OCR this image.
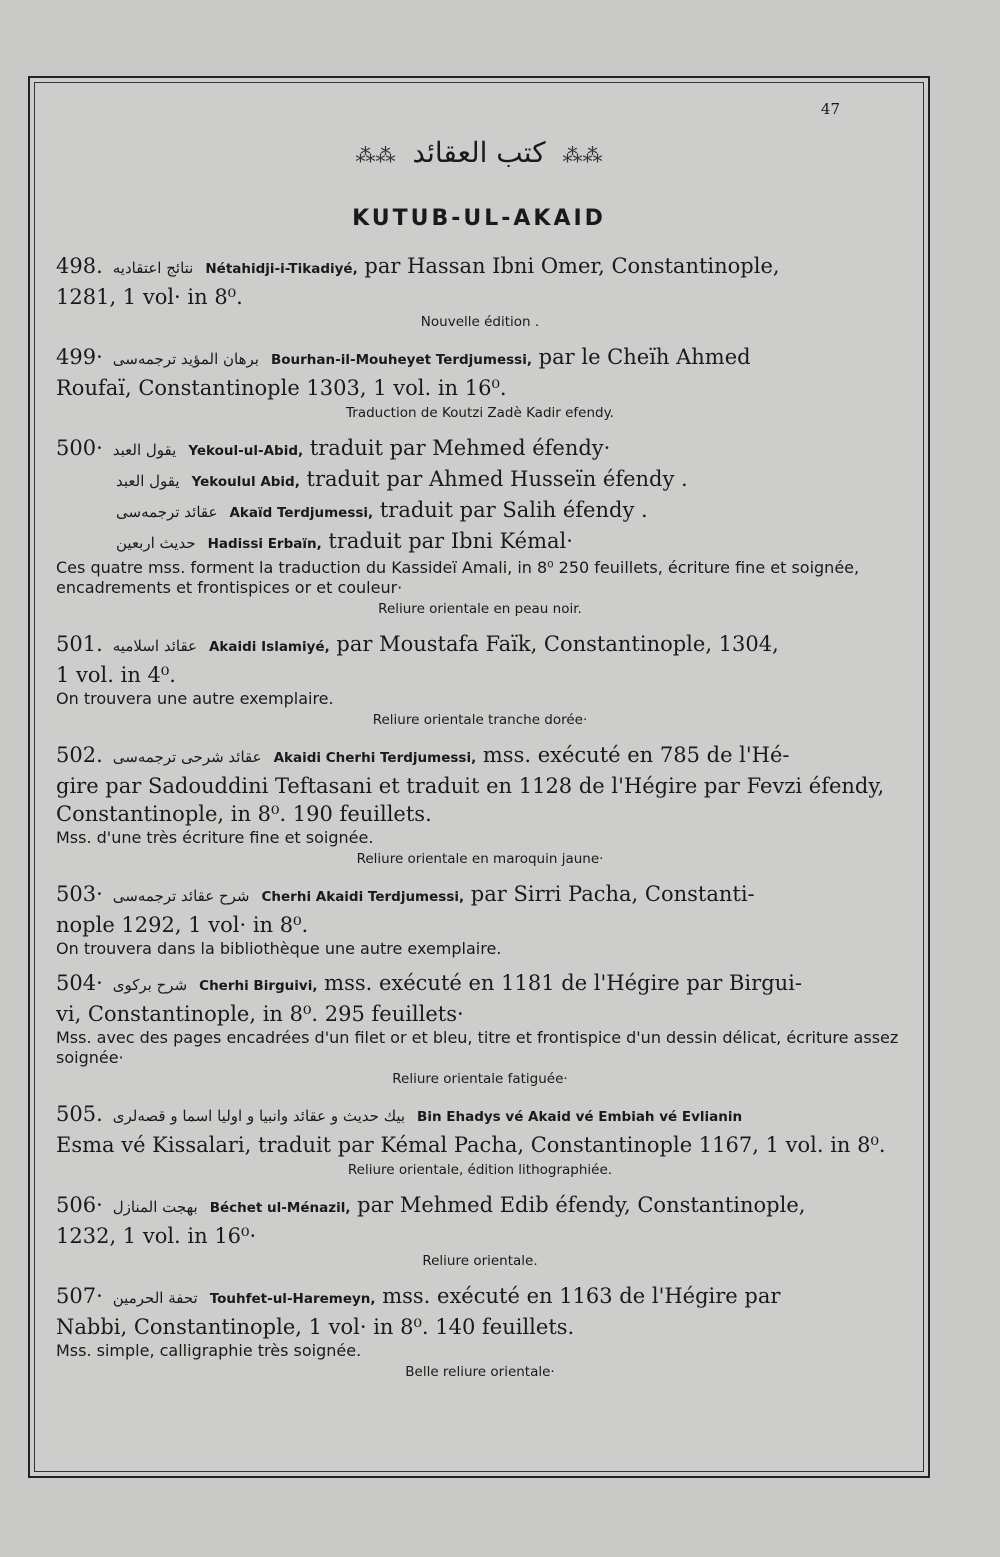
47
⁂⁂ كتب العقائد ⁂⁂
KUTUB-UL-AKAID
498. نتائج اعتقادیه Nétahidji-i-Tikadiyé, par Hassan Ibni Omer, Constantinople,
1281, 1 vol· in 8⁰.
Nouvelle édition .
499· برهان المؤید ترجمه‌سی Bourhan-il-Mouheyet Terdjumessi, par le Cheïh Ahmed
Roufaï, Constantinople 1303, 1 vol. in 16⁰.
Traduction de Koutzi Zadè Kadir efendy.
500· یقول العبد Yekoul-ul-Abid, traduit par Mehmed éfendy·
یقول العبد Yekoulul Abid, traduit par Ahmed Husseïn éfendy .
عقائد ترجمه‌سی Akaïd Terdjumessi, traduit par Salih éfendy .
حدیث اربعین Hadissi Erbaïn, traduit par Ibni Kémal·
Ces quatre mss. forment la traduction du Kassideï Amali, in 8⁰ 250 feuillets, écriture fine et soignée, encadrements et frontispices or et couleur·
Reliure orientale en peau noir.
501. عقائد اسلامیه Akaidi Islamiyé, par Moustafa Faïk, Constantinople, 1304,
1 vol. in 4⁰.
On trouvera une autre exemplaire.
Reliure orientale tranche dorée·
502. عقائد شرحی ترجمه‌سی Akaidi Cherhi Terdjumessi, mss. exécuté en 785 de l'Hé-
gire par Sadouddini Teftasani et traduit en 1128 de l'Hégire par Fevzi éfendy, Constantinople, in 8⁰. 190 feuillets.
Mss. d'une très écriture fine et soignée.
Reliure orientale en maroquin jaune·
503· شرح عقائد ترجمه‌سی Cherhi Akaidi Terdjumessi, par Sirri Pacha, Constanti-
nople 1292, 1 vol· in 8⁰.
On trouvera dans la bibliothèque une autre exemplaire.
504· شرح برکوی Cherhi Birguivi, mss. exécuté en 1181 de l'Hégire par Birgui-
vi, Constantinople, in 8⁰. 295 feuillets·
Mss. avec des pages encadrées d'un filet or et bleu, titre et frontispice d'un dessin délicat, écriture assez soignée·
Reliure orientale fatiguée·
505. بیك حدیث و عقائد وانبیا و اولیا اسما و قصه‌لری Bin Ehadys vé Akaid vé Embiah vé Evlianin
Esma vé Kissalari, traduit par Kémal Pacha, Constantinople 1167, 1 vol. in 8⁰.
Reliure orientale, édition lithographiée.
506· بهجت المنازل Béchet ul-Ménazil, par Mehmed Edib éfendy, Constantinople,
1232, 1 vol. in 16⁰·
Reliure orientale.
507· تحفة الحرمین Touhfet-ul-Haremeyn, mss. exécuté en 1163 de l'Hégire par
Nabbi, Constantinople, 1 vol· in 8⁰. 140 feuillets.
Mss. simple, calligraphie très soignée.
Belle reliure orientale·
